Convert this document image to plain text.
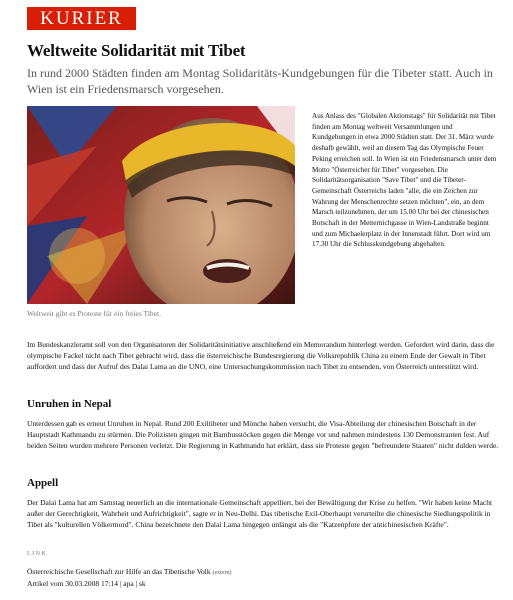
KURIER
Weltweite Solidarität mit Tibet
In rund 2000 Städten finden am Montag Solidaritäts-Kundgebungen für die Tibeter statt. Auch in Wien ist ein Friedensmarsch vorgesehen.
Weltweit gibt es Proteste für ein freies Tibet.
Aus Anlass des "Globalen Aktionstags" für Solidarität mit Tibet finden am Montag weltweit Versammlungen und Kundgebungen in etwa 2000 Städten statt. Der 31. März wurde deshalb gewählt, weil an diesem Tag das Olympische Feuer Peking erreichen soll. In Wien ist ein Friedensmarsch unter dem Motto "Österreicher für Tibet" vorgesehen. Die Solidaritätsorganisation "Save Tibet" und die Tibeter-Gemeinschaft Österreichs laden "alle, die ein Zeichen zur Wahrung der Menschenrechte setzen möchten", ein, an dem Marsch teilzunehmen, der um 15.00 Uhr bei der chinesischen Botschaft in der Metternichgasse in Wien-Landstraße beginnt und zum Michaelerplatz in der Innenstadt führt. Dort wird um 17.30 Uhr die Schlusskundgebung abgehalten.
Im Bundeskanzleramt soll von den Organisatoren der Solidaritätsinitiative anschließend ein Memorandum hinterlegt werden. Gefordert wird darin, dass die olympische Fackel nicht nach Tibet gebracht wird, dass die österreichische Bundesregierung die Volksrepublik China zu einem Ende der Gewalt in Tibet auffordert und dass der Aufruf des Dalai Lama an die UNO, eine Untersuchungskommission nach Tibet zu entsenden, von Österreich unterstützt wird.
Unruhen in Nepal
Unterdessen gab es erneut Unruhen in Nepal. Rund 200 Exiltibeter und Mönche haben versucht, die Visa-Abteilung der chinesischen Botschaft in der Hauptstadt Kathmandu zu stürmen. Die Polizisten gingen mit Bambusstöcken gegen die Menge vor und nahmen mindestens 130 Demonstranten fest. Auf beiden Seiten wurden mehrere Personen verletzt. Die Regierung in Kathmandu hat erklärt, dass sie Proteste gegen "befreundete Staaten" nicht dulden werde.
Appell
Der Dalai Lama hat am Samstag neuerlich an die internationale Gemeinschaft appelliert, bei der Bewältigung der Krise zu helfen. "Wir haben keine Macht außer der Gerechtigkeit, Wahrheit und Aufrichtigkeit", sagte er in Neu-Delhi. Das tibetische Exil-Oberhaupt verurteilte die chinesische Siedlungspolitik in Tibet als "kulturellen Völkermord". China bezeichnete den Dalai Lama hingegen unlängst als die "Katzenpfote der antichinesischen Kräfte".
LINK
Österreichische Gesellschaft zur Hilfe an das Tibetische Volk (extern)
Artikel vom 30.03.2008 17:14 | apa | sk
